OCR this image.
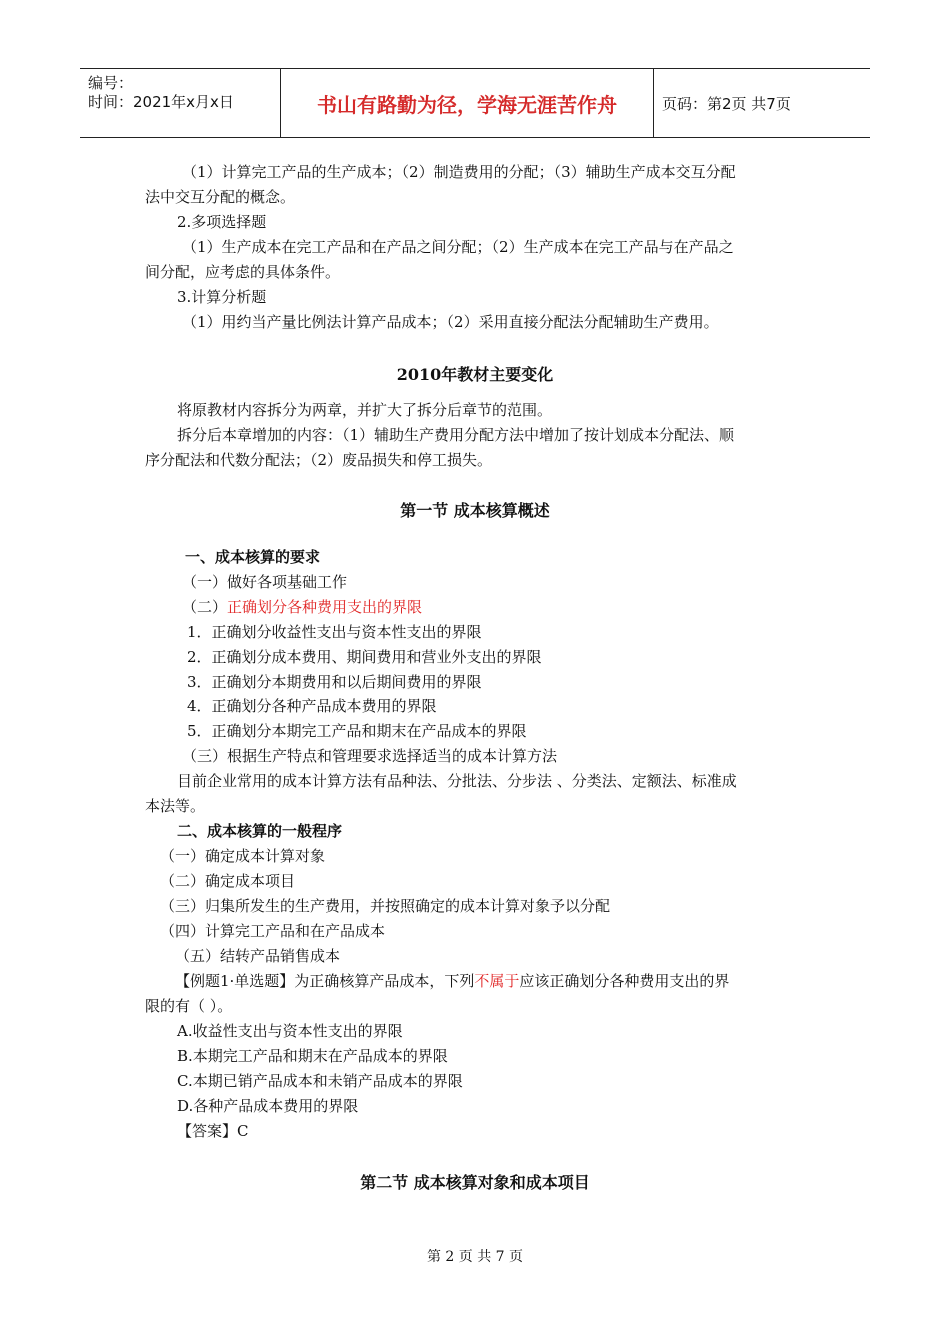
编号：
时间：2021年x月x日	书山有路勤为径，学海无涯苦作舟	页码：第2页 共7页
（1）计算完工产品的生产成本；（2）制造费用的分配；（3）辅助生产成本交互分配
法中交互分配的概念。
2.多项选择题
（1）生产成本在完工产品和在产品之间分配；（2）生产成本在完工产品与在产品之
间分配，应考虑的具体条件。
3.计算分析题
（1）用约当产量比例法计算产品成本；（2）采用直接分配法分配辅助生产费用。
2010年教材主要变化
将原教材内容拆分为两章，并扩大了拆分后章节的范围。
拆分后本章增加的内容：（1）辅助生产费用分配方法中增加了按计划成本分配法、顺
序分配法和代数分配法；（2）废品损失和停工损失。
第一节 成本核算概述
一、成本核算的要求
（一）做好各项基础工作
（二）正确划分各种费用支出的界限
1．正确划分收益性支出与资本性支出的界限
2．正确划分成本费用、期间费用和营业外支出的界限
3．正确划分本期费用和以后期间费用的界限
4．正确划分各种产品成本费用的界限
5．正确划分本期完工产品和期末在产品成本的界限
（三）根据生产特点和管理要求选择适当的成本计算方法
目前企业常用的成本计算方法有品种法、分批法、分步法 、分类法、定额法、标准成
本法等。
二、成本核算的一般程序
（一）确定成本计算对象
（二）确定成本项目
（三）归集所发生的生产费用，并按照确定的成本计算对象予以分配
（四）计算完工产品和在产品成本
（五）结转产品销售成本
【例题1·单选题】为正确核算产品成本，下列不属于应该正确划分各种费用支出的界
限的有（ ）。
A.收益性支出与资本性支出的界限
B.本期完工产品和期末在产品成本的界限
C.本期已销产品成本和未销产品成本的界限
D.各种产品成本费用的界限
【答案】C
第二节 成本核算对象和成本项目
第 2 页 共 7 页
